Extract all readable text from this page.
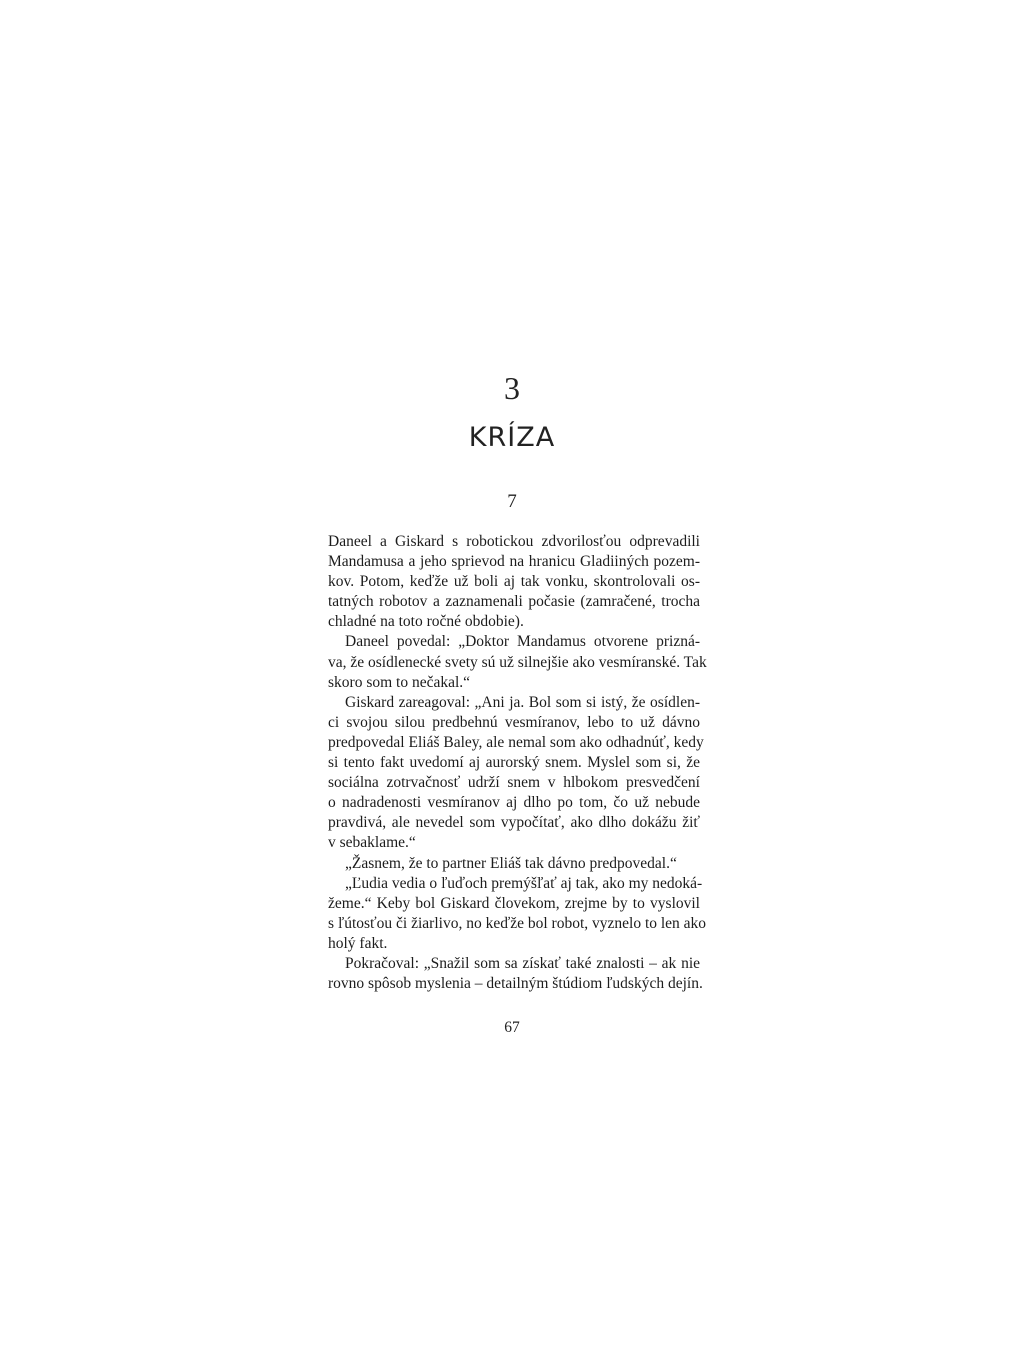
3
KRÍZA
7
Daneel a Giskard s robotickou zdvorilosťou odprevadili
Mandamusa a jeho sprievod na hranicu Gladiiných pozem-
kov. Potom, keďže už boli aj tak vonku, skontrolovali os-
tatných robotov a zaznamenali počasie (zamračené, trocha
chladné na toto ročné obdobie).
Daneel povedal: „Doktor Mandamus otvorene prizná-
va, že osídlenecké svety sú už silnejšie ako vesmíranské. Tak
skoro som to nečakal.“
Giskard zareagoval: „Ani ja. Bol som si istý, že osídlen-
ci svojou silou predbehnú vesmíranov, lebo to už dávno
predpovedal Eliáš Baley, ale nemal som ako odhadnúť, kedy
si tento fakt uvedomí aj aurorský snem. Myslel som si, že
sociálna zotrvačnosť udrží snem v hlbokom presvedčení
o nadradenosti vesmíranov aj dlho po tom, čo už nebude
pravdivá, ale nevedel som vypočítať, ako dlho dokážu žiť
v sebaklame.“
„Žasnem, že to partner Eliáš tak dávno predpovedal.“
„Ľudia vedia o ľuďoch premýšľať aj tak, ako my nedoká-
žeme.“ Keby bol Giskard človekom, zrejme by to vyslovil
s ľútosťou či žiarlivo, no keďže bol robot, vyznelo to len ako
holý fakt.
Pokračoval: „Snažil som sa získať také znalosti – ak nie
rovno spôsob myslenia – detailným štúdiom ľudských dejín.
67
